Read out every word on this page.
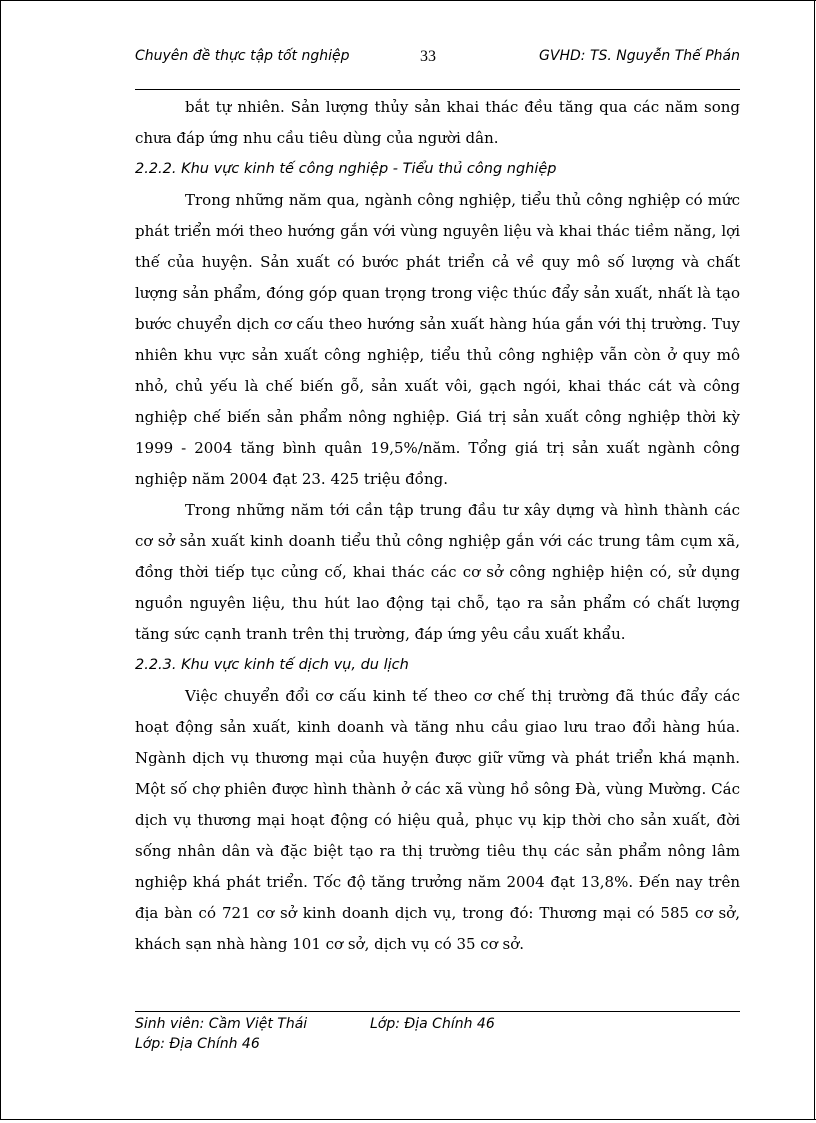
Chuyên đề thực tập tốt nghiệp	33	GVHD: TS. Nguyễn Thế Phán

bắt tự nhiên. Sản lượng thủy sản khai thác đều tăng qua các năm song chưa đáp ứng nhu cầu tiêu dùng của người dân.

2.2.2. Khu vực kinh tế công nghiệp - Tiểu thủ công nghiệp

Trong những năm qua, ngành công nghiệp, tiểu thủ công nghiệp có mức phát triển mới theo hướng gắn với vùng nguyên liệu và khai thác tiềm năng, lợi thế của huyện. Sản xuất có bước phát triển cả về quy mô số lượng và chất lượng sản phẩm, đóng góp quan trọng trong việc thúc đẩy sản xuất, nhất là tạo bước chuyển dịch cơ cấu theo hướng sản xuất hàng húa gắn với thị trường. Tuy nhiên khu vực sản xuất công nghiệp, tiểu thủ công nghiệp vẫn còn ở quy mô nhỏ, chủ yếu là chế biến gỗ, sản xuất vôi, gạch ngói, khai thác cát và công nghiệp chế biến sản phẩm nông nghiệp. Giá trị sản xuất công nghiệp thời kỳ 1999 - 2004 tăng bình quân 19,5%/năm. Tổng giá trị sản xuất ngành công nghiệp năm 2004 đạt 23. 425 triệu đồng.

Trong những năm tới cần tập trung đầu tư xây dựng và hình thành các cơ sở sản xuất kinh doanh tiểu thủ công nghiệp gắn với các trung tâm cụm xã, đồng thời tiếp tục củng cố, khai thác các cơ sở công nghiệp hiện có, sử dụng nguồn nguyên liệu, thu hút lao động tại chỗ, tạo ra sản phẩm có chất lượng tăng sức cạnh tranh trên thị trường, đáp ứng yêu cầu xuất khẩu.

2.2.3. Khu vực kinh tế dịch vụ, du lịch

Việc chuyển đổi cơ cấu kinh tế theo cơ chế thị trường đã thúc đẩy các hoạt động sản xuất, kinh doanh và tăng nhu cầu giao lưu trao đổi hàng húa. Ngành dịch vụ thương mại của huyện được giữ vững và phát triển khá mạnh. Một số chợ phiên được hình thành ở các xã vùng hồ sông Đà, vùng Mường. Các dịch vụ thương mại hoạt động có hiệu quả, phục vụ kịp thời cho sản xuất, đời sống nhân dân và đặc biệt tạo ra thị trường tiêu thụ các sản phẩm nông lâm nghiệp khá phát triển. Tốc độ tăng trưởng năm 2004 đạt 13,8%. Đến nay trên địa bàn có 721 cơ sở kinh doanh dịch vụ, trong đó: Thương mại có 585 cơ sở, khách sạn nhà hàng 101 cơ sở, dịch vụ có 35 cơ sở.

Sinh viên: Cầm Việt Thái	Lớp: Địa Chính 46
Lớp: Địa Chính 46
